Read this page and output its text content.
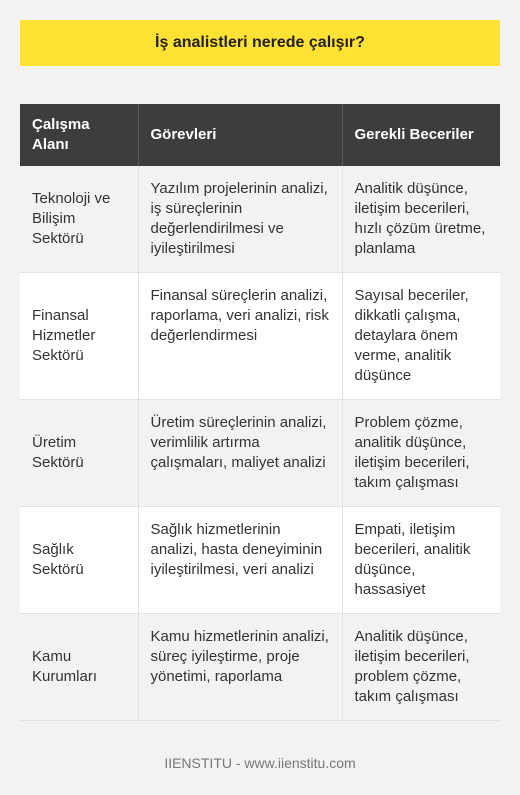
İş analistleri nerede çalışır?
Çalışma Alanı	Görevleri	Gerekli Beceriler
Teknoloji ve Bilişim Sektörü	Yazılım projelerinin analizi, iş süreçlerinin değerlendirilmesi ve iyileştirilmesi	Analitik düşünce, iletişim becerileri, hızlı çözüm üretme, planlama
Finansal Hizmetler Sektörü	Finansal süreçlerin analizi, raporlama, veri analizi, risk değerlendirmesi	Sayısal beceriler, dikkatli çalışma, detaylara önem verme, analitik düşünce
Üretim Sektörü	Üretim süreçlerinin analizi, verimlilik artırma çalışmaları, maliyet analizi	Problem çözme, analitik düşünce, iletişim becerileri, takım çalışması
Sağlık Sektörü	Sağlık hizmetlerinin analizi, hasta deneyiminin iyileştirilmesi, veri analizi	Empati, iletişim becerileri, analitik düşünce, hassasiyet
Kamu Kurumları	Kamu hizmetlerinin analizi, süreç iyileştirme, proje yönetimi, raporlama	Analitik düşünce, iletişim becerileri, problem çözme, takım çalışması
IIENSTITU - www.iienstitu.com
